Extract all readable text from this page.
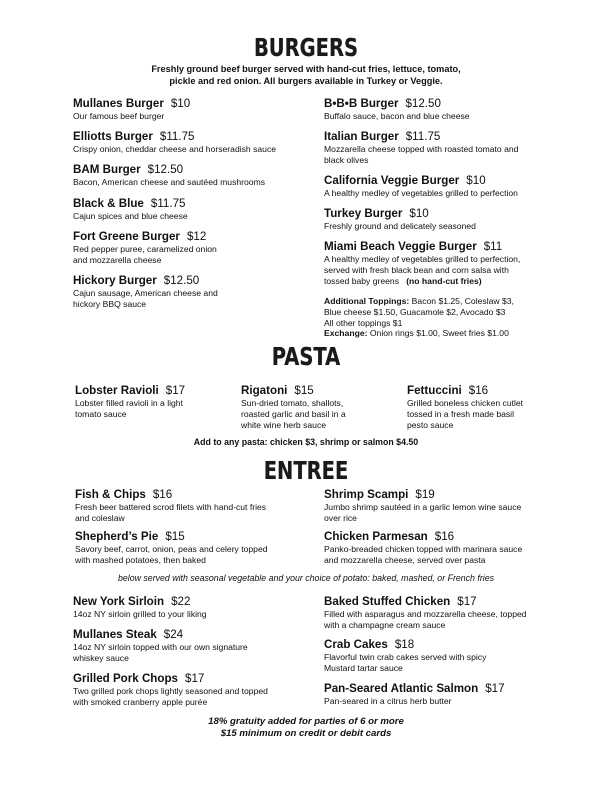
BURGERS
Freshly ground beef burger served with hand-cut fries, lettuce, tomato,
pickle and red onion. All burgers available in Turkey or Veggie.
Mullanes Burger $10
Our famous beef burger
Elliotts Burger $11.75
Crispy onion, cheddar cheese and horseradish sauce
BAM Burger $12.50
Bacon, American cheese and sautéed mushrooms
Black & Blue $11.75
Cajun spices and blue cheese
Fort Greene Burger $12
Red pepper puree, caramelized onion
and mozzarella cheese
Hickory Burger $12.50
Cajun sausage, American cheese and
hickory BBQ sauce
B•B•B Burger $12.50
Buffalo sauce, bacon and blue cheese
Italian Burger $11.75
Mozzarella cheese topped with roasted tomato and
black olives
California Veggie Burger $10
A healthy medley of vegetables grilled to perfection
Turkey Burger $10
Freshly ground and delicately seasoned
Miami Beach Veggie Burger $11
A healthy medley of vegetables grilled to perfection,
served with fresh black bean and corn salsa with
tossed baby greens (no hand-cut fries)
Additional Toppings: Bacon $1.25, Coleslaw $3,
Blue cheese $1.50, Guacamole $2, Avocado $3
All other toppings $1
Exchange: Onion rings $1.00, Sweet fries $1.00
PASTA
Lobster Ravioli $17
Lobster filled ravioli in a light
tomato sauce
Rigatoni $15
Sun-dried tomato, shallots,
roasted garlic and basil in a
white wine herb sauce
Fettuccini $16
Grilled boneless chicken cutlet
tossed in a fresh made basil
pesto sauce
Add to any pasta: chicken $3, shrimp or salmon $4.50
ENTREE
Fish & Chips $16
Fresh beer battered scrod filets with hand-cut fries
and coleslaw
Shepherd’s Pie $15
Savory beef, carrot, onion, peas and celery topped
with mashed potatoes, then baked
Shrimp Scampi $19
Jumbo shrimp sautéed in a garlic lemon wine sauce
over rice
Chicken Parmesan $16
Panko-breaded chicken topped with marinara sauce
and mozzarella cheese, served over pasta
below served with seasonal vegetable and your choice of potato: baked, mashed, or French fries
New York Sirloin $22
14oz NY sirloin grilled to your liking
Mullanes Steak $24
14oz NY sirloin topped with our own signature
whiskey sauce
Grilled Pork Chops $17
Two grilled pork chops lightly seasoned and topped
with smoked cranberry apple purée
Baked Stuffed Chicken $17
Filled with asparagus and mozzarella cheese, topped
with a champagne cream sauce
Crab Cakes $18
Flavorful twin crab cakes served with spicy
Mustard tartar sauce
Pan-Seared Atlantic Salmon $17
Pan-seared in a citrus herb butter
18% gratuity added for parties of 6 or more
$15 minimum on credit or debit cards
